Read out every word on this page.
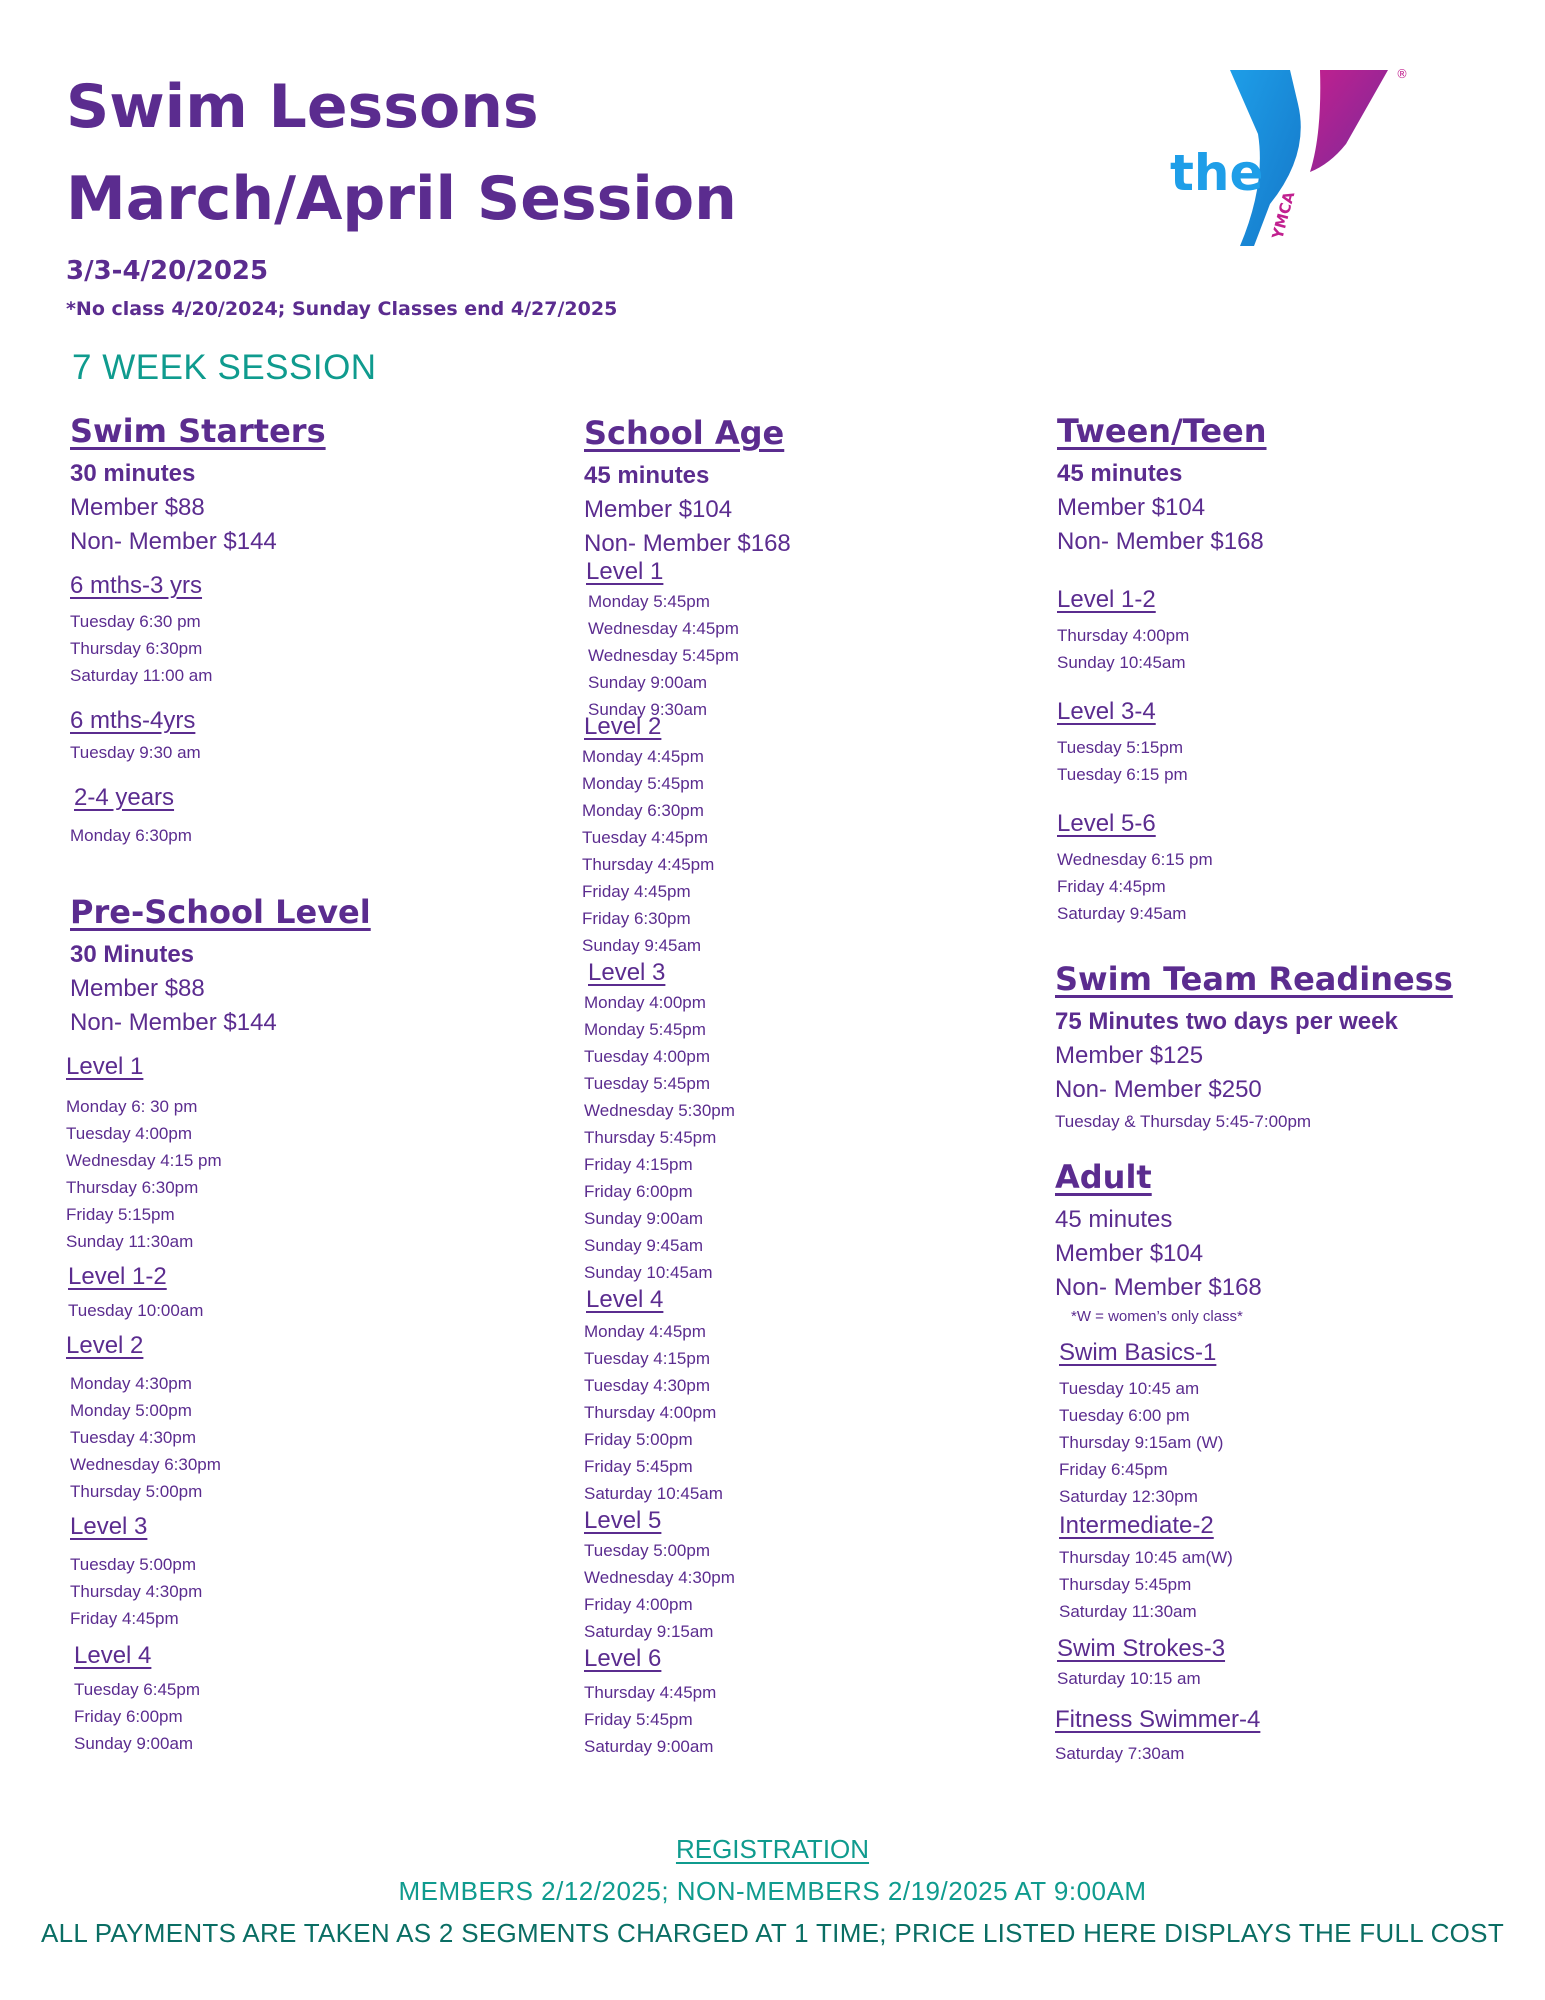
Swim Lessons
March/April Session
3/3-4/20/2025
*No class 4/20/2024; Sunday Classes end 4/27/2025
7 WEEK SESSION
YMCA
®
the
Swim Starters
30 minutes
Member $88
Non- Member $144
6 mths-3 yrs
Tuesday 6:30 pm
Thursday 6:30pm
Saturday 11:00 am
6 mths-4yrs
Tuesday 9:30 am
2-4 years
Monday 6:30pm
Pre-School Level
30 Minutes
Member $88
Non- Member $144
Level 1
Monday 6: 30 pm
Tuesday 4:00pm
Wednesday 4:15 pm
Thursday 6:30pm
Friday 5:15pm
Sunday 11:30am
Level 1-2
Tuesday 10:00am
Level 2
Monday 4:30pm
Monday 5:00pm
Tuesday 4:30pm
Wednesday 6:30pm
Thursday 5:00pm
Level 3
Tuesday 5:00pm
Thursday 4:30pm
Friday 4:45pm
Level 4
Tuesday 6:45pm
Friday 6:00pm
Sunday 9:00am
School Age
45 minutes
Member $104
Non- Member $168
Level 1
Monday 5:45pm
Wednesday 4:45pm
Wednesday 5:45pm
Sunday 9:00am
Sunday 9:30am
Level 2
Monday 4:45pm
Monday 5:45pm
Monday 6:30pm
Tuesday 4:45pm
Thursday 4:45pm
Friday 4:45pm
Friday 6:30pm
Sunday 9:45am
Level 3
Monday 4:00pm
Monday 5:45pm
Tuesday 4:00pm
Tuesday 5:45pm
Wednesday 5:30pm
Thursday 5:45pm
Friday 4:15pm
Friday 6:00pm
Sunday 9:00am
Sunday 9:45am
Sunday 10:45am
Level 4
Monday 4:45pm
Tuesday 4:15pm
Tuesday 4:30pm
Thursday 4:00pm
Friday 5:00pm
Friday 5:45pm
Saturday 10:45am
Level 5
Tuesday 5:00pm
Wednesday 4:30pm
Friday 4:00pm
Saturday 9:15am
Level 6
Thursday 4:45pm
Friday 5:45pm
Saturday 9:00am
Tween/Teen
45 minutes
Member $104
Non- Member $168
Level 1-2
Thursday 4:00pm
Sunday 10:45am
Level 3-4
Tuesday 5:15pm
Tuesday 6:15 pm
Level 5-6
Wednesday 6:15 pm
Friday 4:45pm
Saturday 9:45am
Swim Team Readiness
75 Minutes two days per week
Member $125
Non- Member $250
Tuesday & Thursday 5:45-7:00pm
Adult
45 minutes
Member $104
Non- Member $168
*W = women’s only class*
Swim Basics-1
Tuesday 10:45 am
Tuesday 6:00 pm
Thursday 9:15am (W)
Friday 6:45pm
Saturday 12:30pm
Intermediate-2
Thursday 10:45 am(W)
Thursday 5:45pm
Saturday 11:30am
Swim Strokes-3
Saturday 10:15 am
Fitness Swimmer-4
Saturday 7:30am
REGISTRATION
MEMBERS 2/12/2025; NON-MEMBERS 2/19/2025 AT 9:00AM
ALL PAYMENTS ARE TAKEN AS 2 SEGMENTS CHARGED AT 1 TIME; PRICE LISTED HERE DISPLAYS THE FULL COST
